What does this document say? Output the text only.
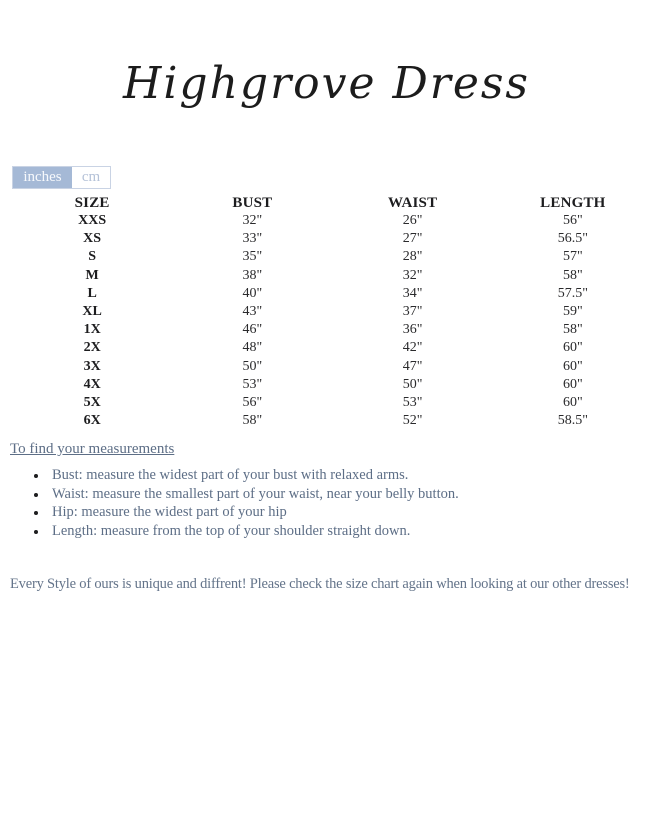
Highgrove Dress
inches	cm
SIZE	BUST	WAIST	LENGTH
XXS	32"	26"	56"
XS	33"	27"	56.5"
S	35"	28"	57"
M	38"	32"	58"
L	40"	34"	57.5"
XL	43"	37"	59"
1X	46"	36"	58"
2X	48"	42"	60"
3X	50"	47"	60"
4X	53"	50"	60"
5X	56"	53"	60"
6X	58"	52"	58.5"
To find your measurements
• Bust: measure the widest part of your bust with relaxed arms.
• Waist: measure the smallest part of your waist, near your belly button.
• Hip: measure the widest part of your hip
• Length: measure from the top of your shoulder straight down.
Every Style of ours is unique and diffrent! Please check the size chart again when looking at our other dresses!
